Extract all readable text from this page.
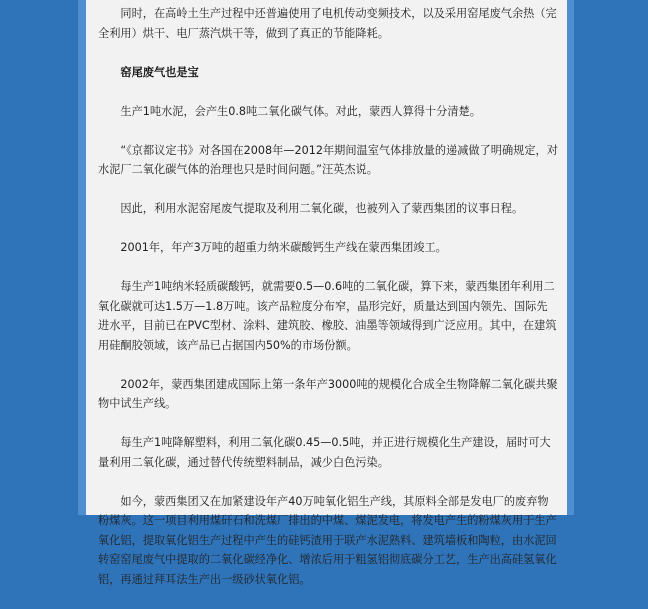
同时，在高岭土生产过程中还普遍使用了电机传动变频技术，以及采用窑尾废气余热（完全利用）烘干、电厂蒸汽烘干等，做到了真正的节能降耗。

窑尾废气也是宝

生产1吨水泥，会产生0.8吨二氧化碳气体。对此，蒙西人算得十分清楚。

“《京都议定书》对各国在2008年—2012年期间温室气体排放量的递减做了明确规定，对水泥厂二氧化碳气体的治理也只是时间问题。”汪英杰说。

因此，利用水泥窑尾废气提取及利用二氧化碳，也被列入了蒙西集团的议事日程。

2001年，年产3万吨的超重力纳米碳酸钙生产线在蒙西集团竣工。

每生产1吨纳米轻质碳酸钙，就需要0.5—0.6吨的二氧化碳，算下来，蒙西集团年利用二氧化碳就可达1.5万—1.8万吨。该产品粒度分布窄，晶形完好，质量达到国内领先、国际先进水平，目前已在PVC型材、涂料、建筑胶、橡胶、油墨等领域得到广泛应用。其中，在建筑用硅酮胶领域，该产品已占据国内50%的市场份额。

2002年，蒙西集团建成国际上第一条年产3000吨的规模化合成全生物降解二氧化碳共聚物中试生产线。

每生产1吨降解塑料，利用二氧化碳0.45—0.5吨，并正进行规模化生产建设，届时可大量利用二氧化碳，通过替代传统塑料制品，减少白色污染。

如今，蒙西集团又在加紧建设年产40万吨氧化铝生产线，其原料全部是发电厂的废弃物粉煤灰。这一项目利用煤矸石和洗煤厂排出的中煤、煤泥发电，将发电产生的粉煤灰用于生产氧化铝，提取氧化铝生产过程中产生的硅钙渣用于联产水泥熟料、建筑墙板和陶粒，由水泥回转窑窑尾废气中提取的二氧化碳经净化、增浓后用于粗氢铝彻底碳分工艺，生产出高硅氢氧化铝，再通过拜耳法生产出一级砂状氧化铝。
